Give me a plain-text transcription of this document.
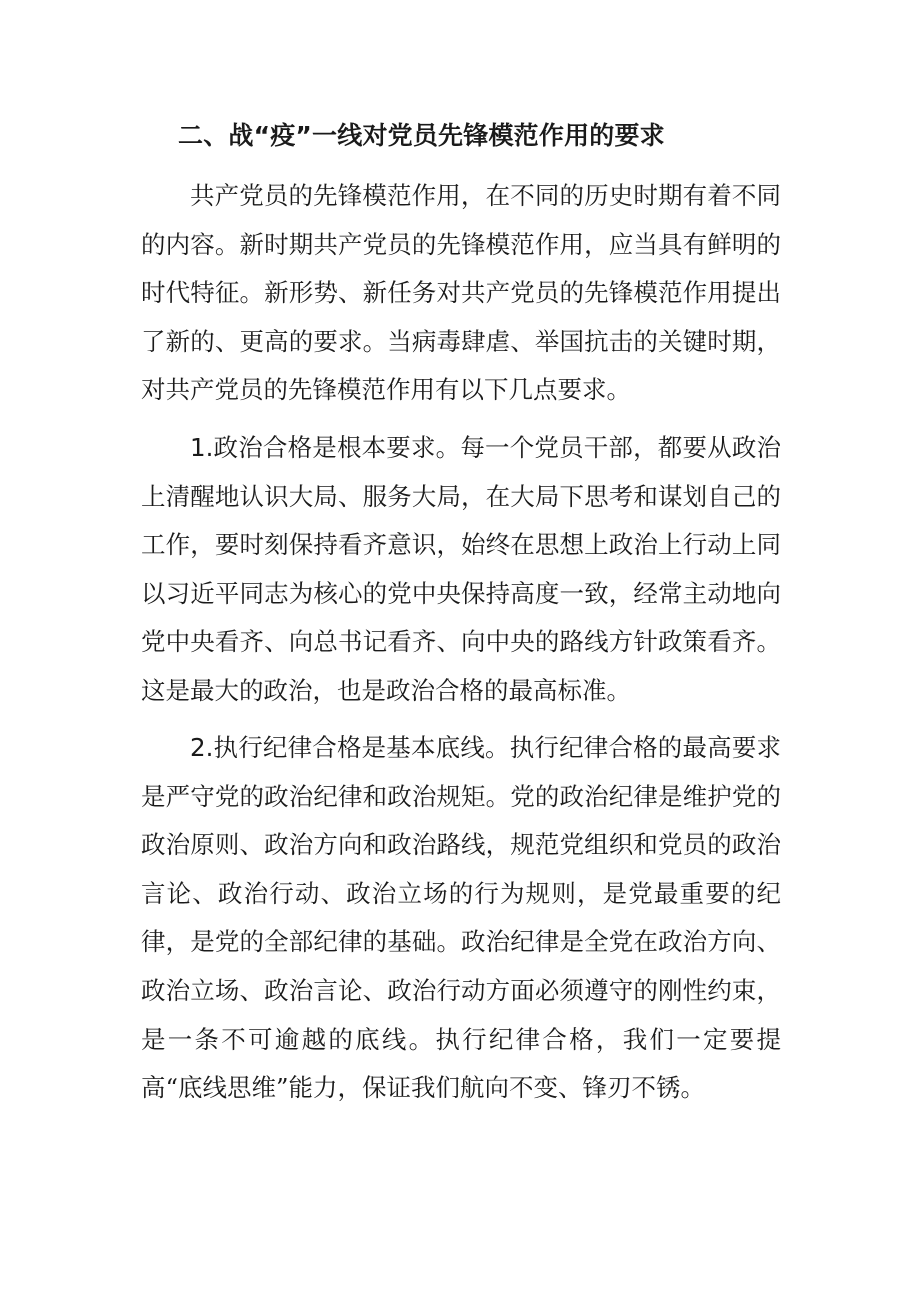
二、战“疫”一线对党员先锋模范作用的要求

共产党员的先锋模范作用，在不同的历史时期有着不同的内容。新时期共产党员的先锋模范作用，应当具有鲜明的时代特征。新形势、新任务对共产党员的先锋模范作用提出了新的、更高的要求。当病毒肆虐、举国抗击的关键时期，对共产党员的先锋模范作用有以下几点要求。

1.政治合格是根本要求。每一个党员干部，都要从政治上清醒地认识大局、服务大局，在大局下思考和谋划自己的工作，要时刻保持看齐意识，始终在思想上政治上行动上同以习近平同志为核心的党中央保持高度一致，经常主动地向党中央看齐、向总书记看齐、向中央的路线方针政策看齐。这是最大的政治，也是政治合格的最高标准。

2.执行纪律合格是基本底线。执行纪律合格的最高要求是严守党的政治纪律和政治规矩。党的政治纪律是维护党的政治原则、政治方向和政治路线，规范党组织和党员的政治言论、政治行动、政治立场的行为规则，是党最重要的纪律，是党的全部纪律的基础。政治纪律是全党在政治方向、政治立场、政治言论、政治行动方面必须遵守的刚性约束，是一条不可逾越的底线。执行纪律合格，我们一定要提高“底线思维”能力，保证我们航向不变、锋刃不锈。
